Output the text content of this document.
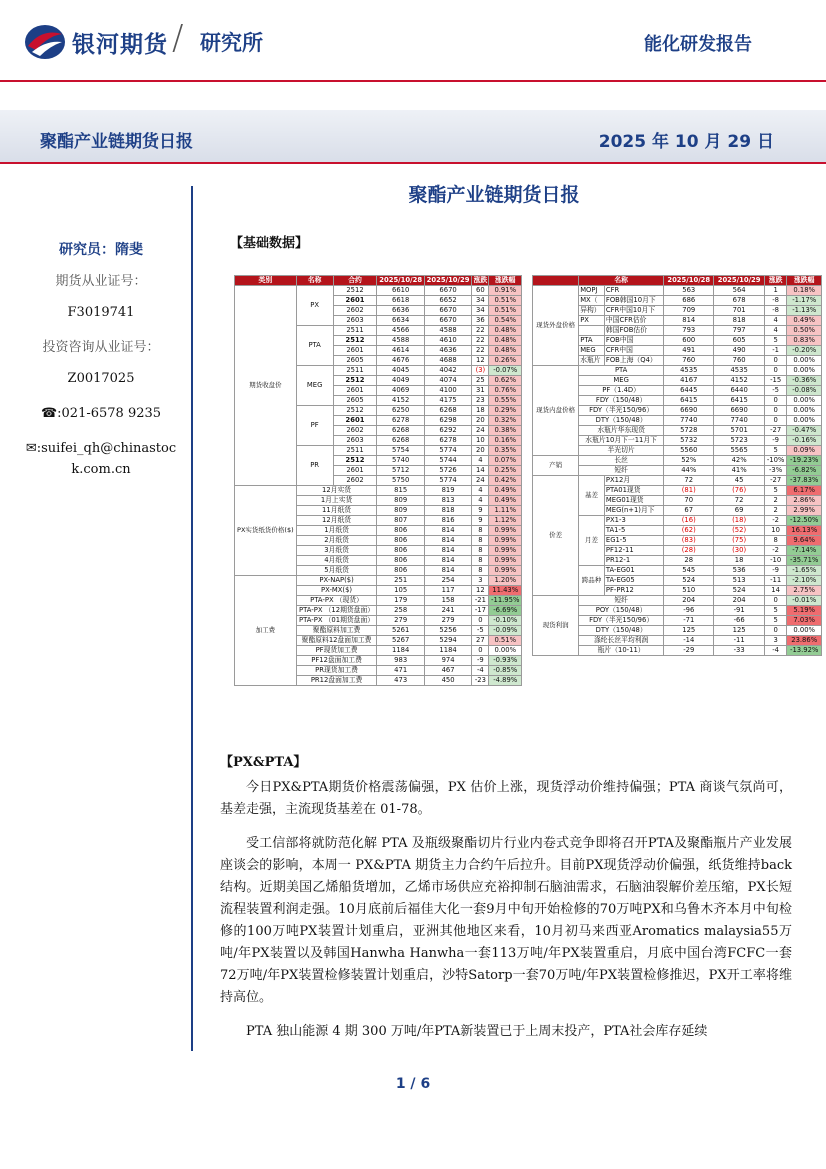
银河期货 / 研究所	能化研发报告
聚酯产业链期货日报	2025 年 10 月 29 日
研究员：隋斐
期货从业证号：
F3019741
投资咨询从业证号：
Z0017025
☎:021-6578 9235
✉:suifei_qh@chinastock.com.cn
聚酯产业链期货日报
【基础数据】
类别	名称	合约	2025/10/28	2025/10/29	涨跌	涨跌幅
期货收盘价	PX	2512	6610	6670	60	0.91%
		2601	6618	6652	34	0.51%
		2602	6636	6670	34	0.51%
		2603	6634	6670	36	0.54%
	PTA	2511	4566	4588	22	0.48%
		2512	4588	4610	22	0.48%
		2601	4614	4636	22	0.48%
		2605	4676	4688	12	0.26%
	MEG	2511	4045	4042	(3)	-0.07%
		2512	4049	4074	25	0.62%
		2601	4069	4100	31	0.76%
		2605	4152	4175	23	0.55%
	PF	2512	6250	6268	18	0.29%
		2601	6278	6298	20	0.32%
		2602	6268	6292	24	0.38%
		2603	6268	6278	10	0.16%
	PR	2511	5754	5774	20	0.35%
		2512	5740	5744	4	0.07%
		2601	5712	5726	14	0.25%
		2602	5750	5774	24	0.42%
PX实货纸货价格($)	12月实货		815	819	4	0.49%
	1月上实货		809	813	4	0.49%
	11月纸货		809	818	9	1.11%
	12月纸货		807	816	9	1.12%
	1月纸货		806	814	8	0.99%
	2月纸货		806	814	8	0.99%
	3月纸货		806	814	8	0.99%
	4月纸货		806	814	8	0.99%
	5月纸货		806	814	8	0.99%
加工费	PX-NAP($)		251	254	3	1.20%
	PX-MX($)		105	117	12	11.43%
	PTA-PX （现货）		179	158	-21	-11.95%
	PTA-PX （12期货盘面）		258	241	-17	-6.69%
	PTA-PX （01期货盘面）		279	279	0	-0.10%
	聚酯原料加工费		5261	5256	-5	-0.09%
	聚酯原料12盘面加工费		5267	5294	27	0.51%
	PF现货加工费		1184	1184	0	0.00%
	PF12盘面加工费		983	974	-9	-0.93%
	PR现货加工费		471	467	-4	-0.85%
	PR12盘面加工费		473	450	-23	-4.89%
	名称		2025/10/28	2025/10/29	涨跌	涨跌幅
现货外盘价格	MOPJ	CFR	563	564	1	0.18%
	MX（	FOB韩国10月下	686	678	-8	-1.17%
	异构）	CFR中国10月下	709	701	-8	-1.13%
	PX	中国CFR估价	814	818	4	0.49%
		韩国FOB估价	793	797	4	0.50%
	PTA	FOB中国	600	605	5	0.83%
	MEG	CFR中国	491	490	-1	-0.20%
	水瓶片	FOB上海（Q4）	760	760	0	0.00%
现货内盘价格	PTA		4535	4535	0	0.00%
	MEG		4167	4152	-15	-0.36%
	PF（1.4D）		6445	6440	-5	-0.08%
	FDY（150/48）		6415	6415	0	0.00%
	FDY（半光150/96）		6690	6690	0	0.00%
	DTY（150/48）		7740	7740	0	0.00%
	水瓶片华东现货		5728	5701	-27	-0.47%
	水瓶片10月下一11月下		5732	5723	-9	-0.16%
	半光切片		5560	5565	5	0.09%
产销	长丝		52%	42%	-10%	-19.23%
	短纤		44%	41%	-3%	-6.82%
价差	基差	PX12月	72	45	-27	-37.83%
		PTA01现货	(81)	(76)	5	6.17%
		MEG01现货	70	72	2	2.86%
		MEG(n+1)月下	67	69	2	2.99%
	月差	PX1-3	(16)	(18)	-2	-12.50%
		TA1-5	(62)	(52)	10	16.13%
		EG1-5	(83)	(75)	8	9.64%
		PF12-11	(28)	(30)	-2	-7.14%
		PR12-1	28	18	-10	-35.71%
	跨品种	TA-EG01	545	536	-9	-1.65%
		TA-EG05	524	513	-11	-2.10%
		PF-PR12	510	524	14	2.75%
现货利润	短纤		204	204	0	-0.01%
	POY（150/48）		-96	-91	5	5.19%
	FDY（半光150/96）		-71	-66	5	7.03%
	DTY（150/48）		125	125	0	0.00%
	涤纶长丝平均利润		-14	-11	3	23.86%
	瓶片（10-11）		-29	-33	-4	-13.92%
【PX&PTA】

今日PX&PTA期货价格震荡偏强，PX 估价上涨，现货浮动价维持偏强；PTA 商谈气氛尚可，基差走强，主流现货基差在 01-78。

受工信部将就防范化解 PTA 及瓶级聚酯切片行业内卷式竞争即将召开PTA及聚酯瓶片产业发展座谈会的影响，本周一 PX&PTA 期货主力合约午后拉升。目前PX现货浮动价偏强，纸货维持back结构。近期美国乙烯船货增加，乙烯市场供应充裕抑制石脑油需求，石脑油裂解价差压缩，PX长短流程装置利润走强。10月底前后福佳大化一套9月中旬开始检修的70万吨PX和乌鲁木齐本月中旬检修的100万吨PX装置计划重启，亚洲其他地区来看，10月初马来西亚Aromatics malaysia55万吨/年PX装置以及韩国Hanwha Hanwha一套113万吨/年PX装置重启，月底中国台湾FCFC一套72万吨/年PX装置检修装置计划重启，沙特Satorp一套70万吨/年PX装置检修推迟，PX开工率将维持高位。

PTA 独山能源 4 期 300 万吨/年PTA新装置已于上周末投产，PTA社会库存延续

1 / 6
